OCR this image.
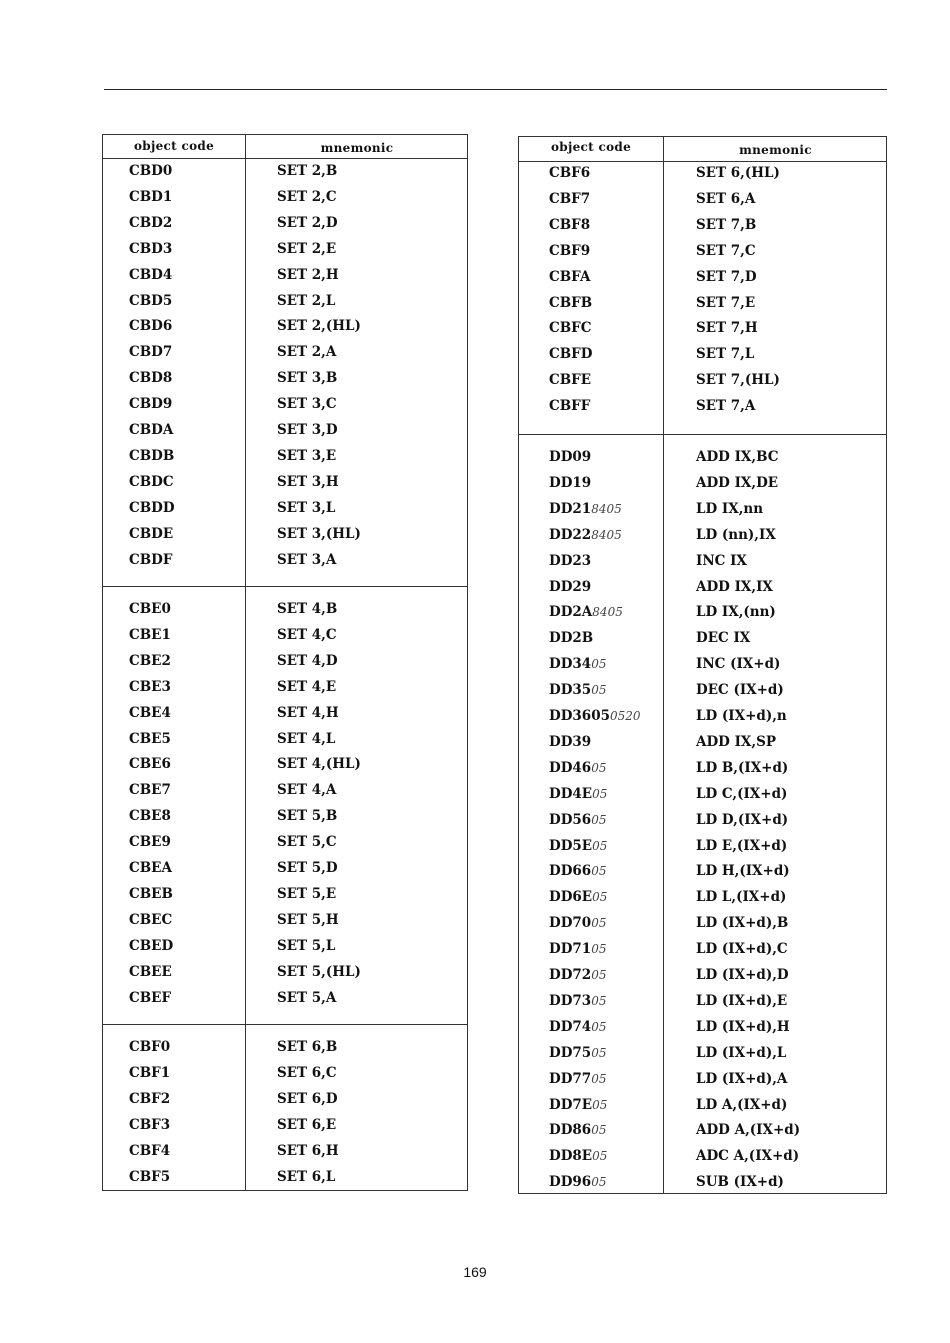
object code	mnemonic
CBD0	SET 2,B
CBD1	SET 2,C
CBD2	SET 2,D
CBD3	SET 2,E
CBD4	SET 2,H
CBD5	SET 2,L
CBD6	SET 2,(HL)
CBD7	SET 2,A
CBD8	SET 3,B
CBD9	SET 3,C
CBDA	SET 3,D
CBDB	SET 3,E
CBDC	SET 3,H
CBDD	SET 3,L
CBDE	SET 3,(HL)
CBDF	SET 3,A
CBE0	SET 4,B
CBE1	SET 4,C
CBE2	SET 4,D
CBE3	SET 4,E
CBE4	SET 4,H
CBE5	SET 4,L
CBE6	SET 4,(HL)
CBE7	SET 4,A
CBE8	SET 5,B
CBE9	SET 5,C
CBEA	SET 5,D
CBEB	SET 5,E
CBEC	SET 5,H
CBED	SET 5,L
CBEE	SET 5,(HL)
CBEF	SET 5,A
CBF0	SET 6,B
CBF1	SET 6,C
CBF2	SET 6,D
CBF3	SET 6,E
CBF4	SET 6,H
CBF5	SET 6,L
object code	mnemonic
CBF6	SET 6,(HL)
CBF7	SET 6,A
CBF8	SET 7,B
CBF9	SET 7,C
CBFA	SET 7,D
CBFB	SET 7,E
CBFC	SET 7,H
CBFD	SET 7,L
CBFE	SET 7,(HL)
CBFF	SET 7,A
DD09	ADD IX,BC
DD19	ADD IX,DE
DD218405	LD IX,nn
DD228405	LD (nn),IX
DD23	INC IX
DD29	ADD IX,IX
DD2A8405	LD IX,(nn)
DD2B	DEC IX
DD3405	INC (IX+d)
DD3505	DEC (IX+d)
DD36050520	LD (IX+d),n
DD39	ADD IX,SP
DD4605	LD B,(IX+d)
DD4E05	LD C,(IX+d)
DD5605	LD D,(IX+d)
DD5E05	LD E,(IX+d)
DD6605	LD H,(IX+d)
DD6E05	LD L,(IX+d)
DD7005	LD (IX+d),B
DD7105	LD (IX+d),C
DD7205	LD (IX+d),D
DD7305	LD (IX+d),E
DD7405	LD (IX+d),H
DD7505	LD (IX+d),L
DD7705	LD (IX+d),A
DD7E05	LD A,(IX+d)
DD8605	ADD A,(IX+d)
DD8E05	ADC A,(IX+d)
DD9605	SUB (IX+d)
169
